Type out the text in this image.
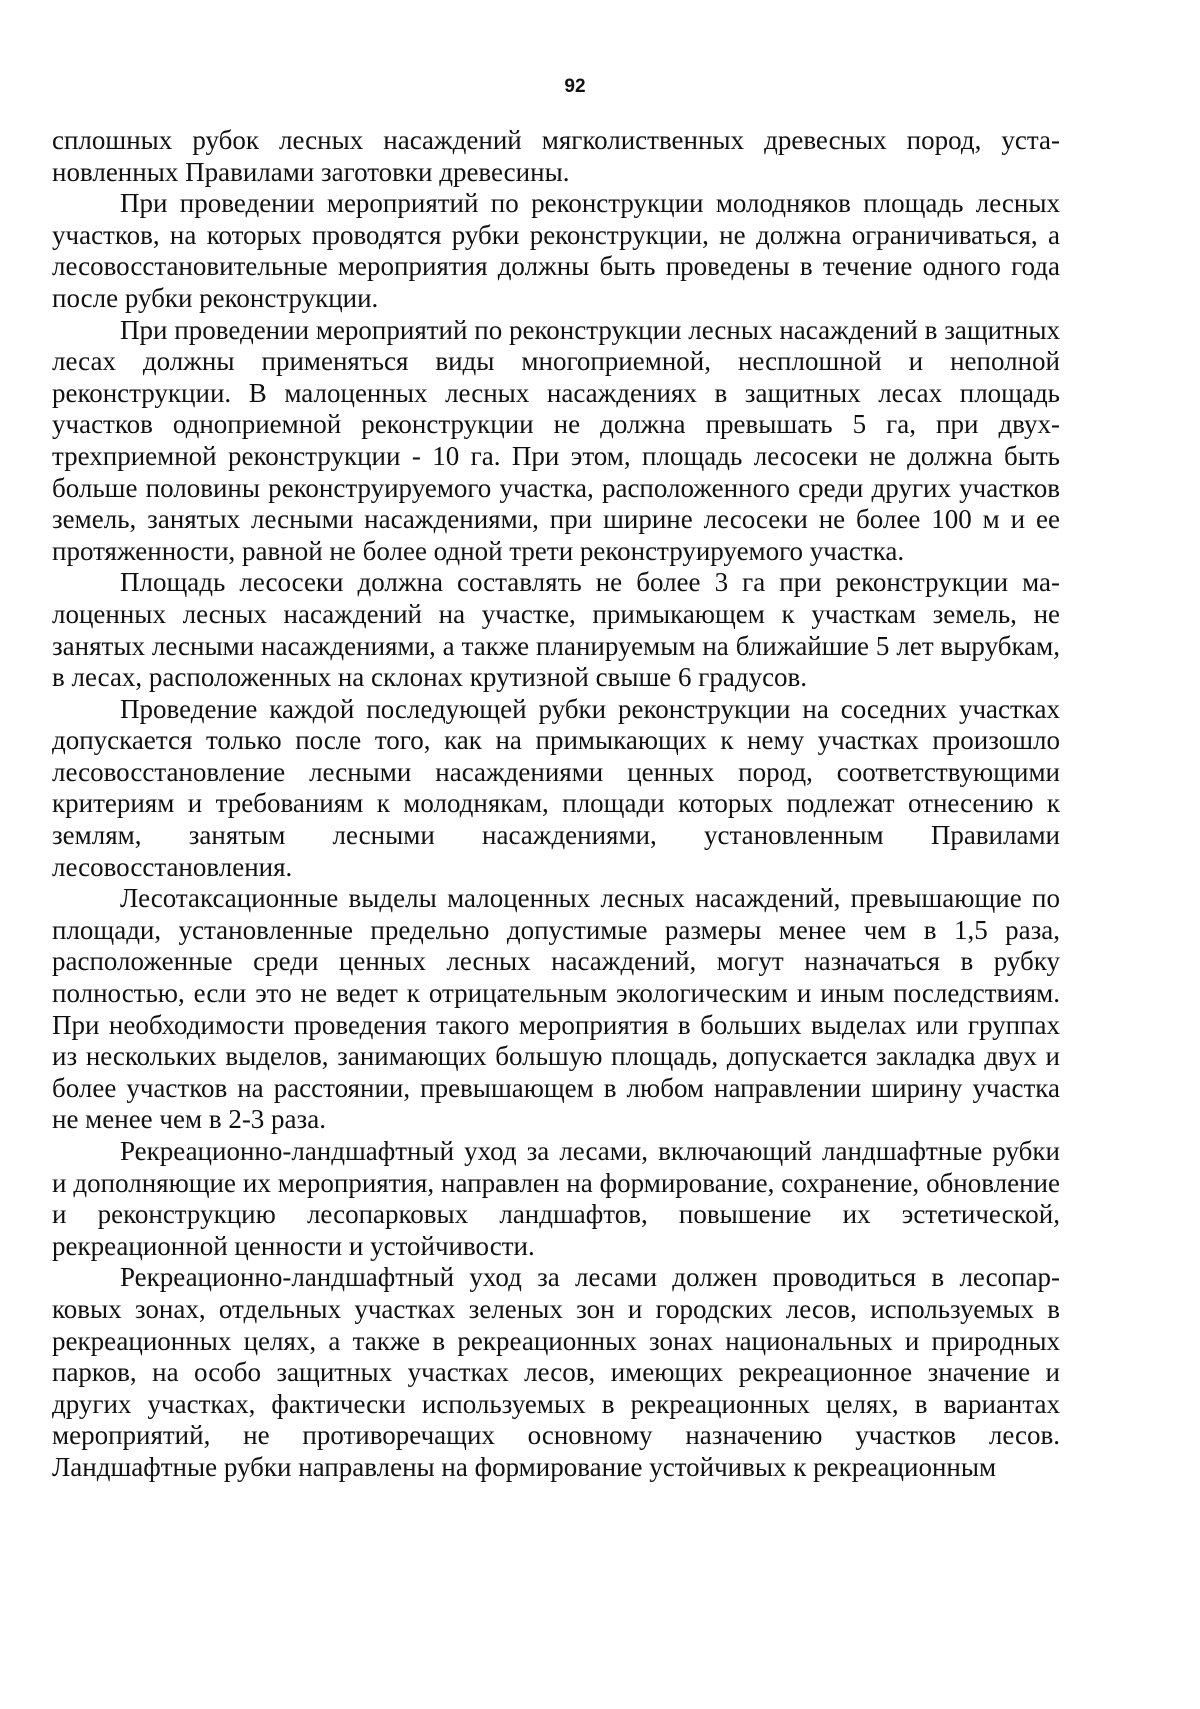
92

сплошных рубок лесных насаждений мягколиственных древесных пород, установленных Правилами заготовки древесины.

При проведении мероприятий по реконструкции молодняков площадь лесных участков, на которых проводятся рубки реконструкции, не должна ограничиваться, а лесовосстановительные мероприятия должны быть проведены в течение одного года после рубки реконструкции.

При проведении мероприятий по реконструкции лесных насаждений в защитных лесах должны применяться виды многоприемной, несплошной и неполной реконструкции. В малоценных лесных насаждениях в защитных лесах площадь участков одноприемной реконструкции не должна превышать 5 га, при двух-трехприемной реконструкции - 10 га. При этом, площадь лесосеки не должна быть больше половины реконструируемого участка, расположенного среди других участков земель, занятых лесными насаждениями, при ширине лесосеки не более 100 м и ее протяженности, равной не более одной трети реконструируемого участка.

Площадь лесосеки должна составлять не более 3 га при реконструкции малоценных лесных насаждений на участке, примыкающем к участкам земель, не занятых лесными насаждениями, а также планируемым на ближайшие 5 лет вырубкам, в лесах, расположенных на склонах крутизной свыше 6 градусов.

Проведение каждой последующей рубки реконструкции на соседних участках допускается только после того, как на примыкающих к нему участках произошло лесовосстановление лесными насаждениями ценных пород, соответствующими критериям и требованиям к молоднякам, площади которых подлежат отнесению к землям, занятым лесными насаждениями, установленным Правилами лесовосстановления.

Лесотаксационные выделы малоценных лесных насаждений, превышающие по площади, установленные предельно допустимые размеры менее чем в 1,5 раза, расположенные среди ценных лесных насаждений, могут назначаться в рубку полностью, если это не ведет к отрицательным экологическим и иным последствиям. При необходимости проведения такого мероприятия в больших выделах или группах из нескольких выделов, занимающих большую площадь, допускается закладка двух и более участков на расстоянии, превышающем в любом направлении ширину участка не менее чем в 2-3 раза.

Рекреационно-ландшафтный уход за лесами, включающий ландшафтные рубки и дополняющие их мероприятия, направлен на формирование, сохранение, обновление и реконструкцию лесопарковых ландшафтов, повышение их эстетической, рекреационной ценности и устойчивости.

Рекреационно-ландшафтный уход за лесами должен проводиться в лесопарковых зонах, отдельных участках зеленых зон и городских лесов, используемых в рекреационных целях, а также в рекреационных зонах национальных и природных парков, на особо защитных участках лесов, имеющих рекреационное значение и других участках, фактически используемых в рекреационных целях, в вариантах мероприятий, не противоречащих основному назначению участков лесов. Ландшафтные рубки направлены на формирование устойчивых к рекреационным
